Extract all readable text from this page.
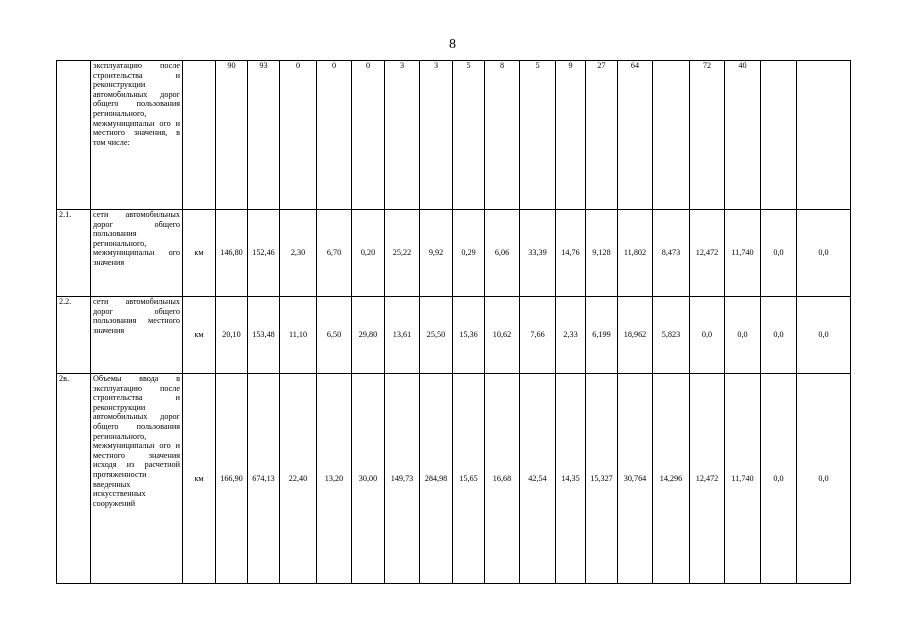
8
	эксплуатацию после строительства и реконструкции автомобильных дорог общего пользования регионального, межмуниципальн ого и местного значения, в том числе:		90	93	0	0	0	3	3	5	8	5	9	27	64		72	40		
2.1.	сети автомобильных дорог общего пользования регионального, межмуниципальн ого значения	км	146,80	152,46	2,30	6,70	0,20	25,22	9,92	0,29	6,06	33,39	14,76	9,128	11,802	8,473	12,472	11,740	0,0	0,0
2.2.	сети автомобильных дорог общего пользования местного значения	км	20,10	153,48	11,10	6,50	29,80	13,61	25,50	15,36	10,62	7,66	2,33	6,199	18,962	5,823	0,0	0,0	0,0	0,0
2в.	Объемы ввода в эксплуатацию после строительства и реконструкции автомобильных дорог общего пользования регионального, межмуниципальн ого и местного значения исходя из расчетной протяженности введенных искусственных сооружений	км	166,90	674,13	22,40	13,20	30,00	149,73	284,98	15,65	16,68	42,54	14,35	15,327	30,764	14,296	12,472	11,740	0,0	0,0
